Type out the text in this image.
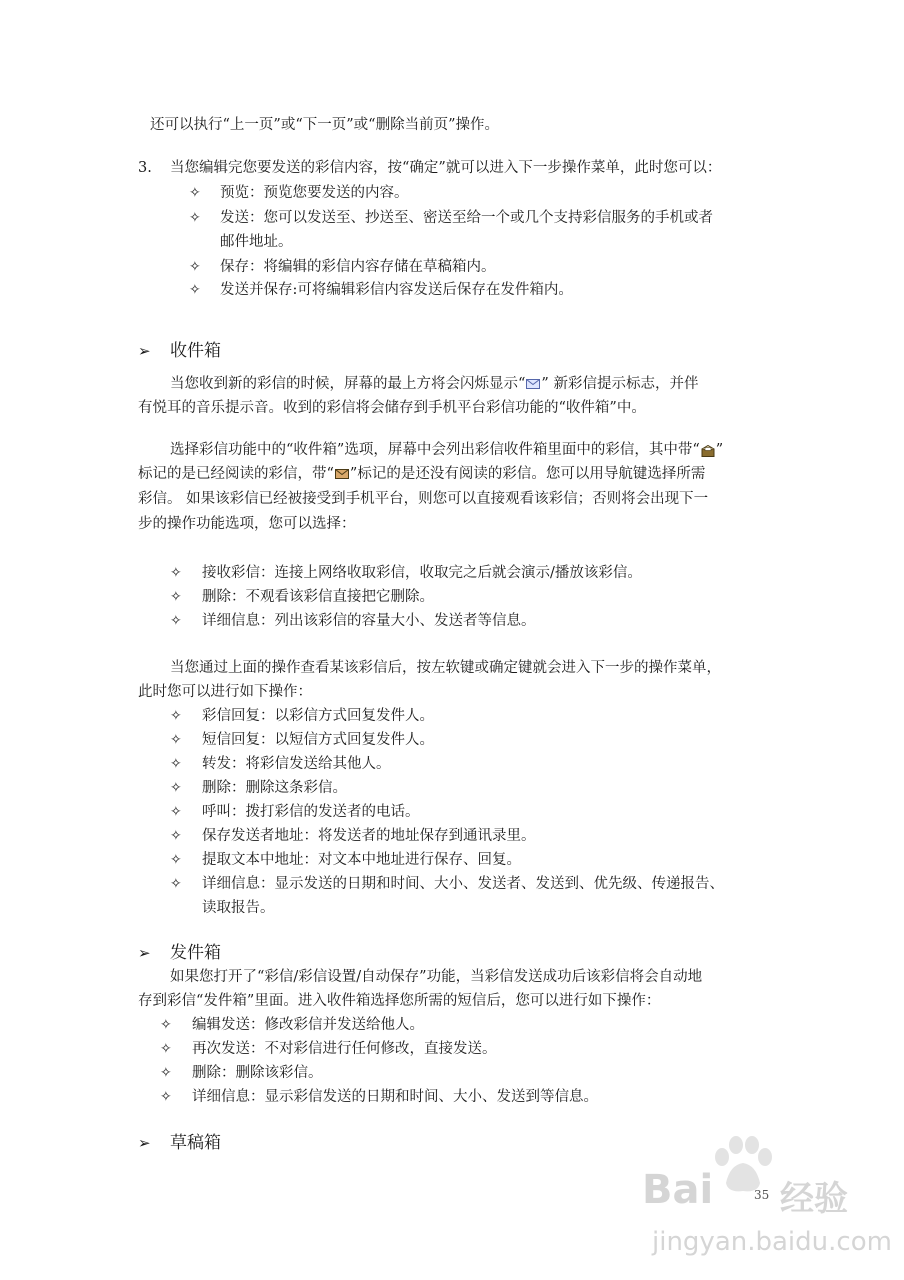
还可以执行“上一页”或“下一页”或“删除当前页”操作。
3. 当您编辑完您要发送的彩信内容，按“确定”就可以进入下一步操作菜单，此时您可以：
✧ 预览：预览您要发送的内容。
✧ 发送：您可以发送至、抄送至、密送至给一个或几个支持彩信服务的手机或者
邮件地址。
✧ 保存：将编辑的彩信内容存储在草稿箱内。
✧ 发送并保存:可将编辑彩信内容发送后保存在发件箱内。
➢ 收件箱
当您收到新的彩信的时候，屏幕的最上方将会闪烁显示“ ” 新彩信提示标志，并伴
有悦耳的音乐提示音。收到的彩信将会储存到手机平台彩信功能的“收件箱”中。
选择彩信功能中的“收件箱”选项，屏幕中会列出彩信收件箱里面中的彩信，其中带“ ”
标记的是已经阅读的彩信，带“ ”标记的是还没有阅读的彩信。您可以用导航键选择所需
彩信。 如果该彩信已经被接受到手机平台，则您可以直接观看该彩信；否则将会出现下一
步的操作功能选项，您可以选择：
✧ 接收彩信：连接上网络收取彩信，收取完之后就会演示/播放该彩信。
✧ 删除：不观看该彩信直接把它删除。
✧ 详细信息：列出该彩信的容量大小、发送者等信息。
当您通过上面的操作查看某该彩信后，按左软键或确定键就会进入下一步的操作菜单，
此时您可以进行如下操作：
✧ 彩信回复：以彩信方式回复发件人。
✧ 短信回复：以短信方式回复发件人。
✧ 转发：将彩信发送给其他人。
✧ 删除：删除这条彩信。
✧ 呼叫：拨打彩信的发送者的电话。
✧ 保存发送者地址：将发送者的地址保存到通讯录里。
✧ 提取文本中地址：对文本中地址进行保存、回复。
✧ 详细信息：显示发送的日期和时间、大小、发送者、发送到、优先级、传递报告、
读取报告。
➢ 发件箱
如果您打开了“彩信/彩信设置/自动保存”功能，当彩信发送成功后该彩信将会自动地
存到彩信“发件箱”里面。进入收件箱选择您所需的短信后，您可以进行如下操作：
✧ 编辑发送：修改彩信并发送给他人。
✧ 再次发送：不对彩信进行任何修改，直接发送。
✧ 删除：删除该彩信。
✧ 详细信息：显示彩信发送的日期和时间、大小、发送到等信息。
➢ 草稿箱
35
Bai 经验
jingyan.baidu.com
